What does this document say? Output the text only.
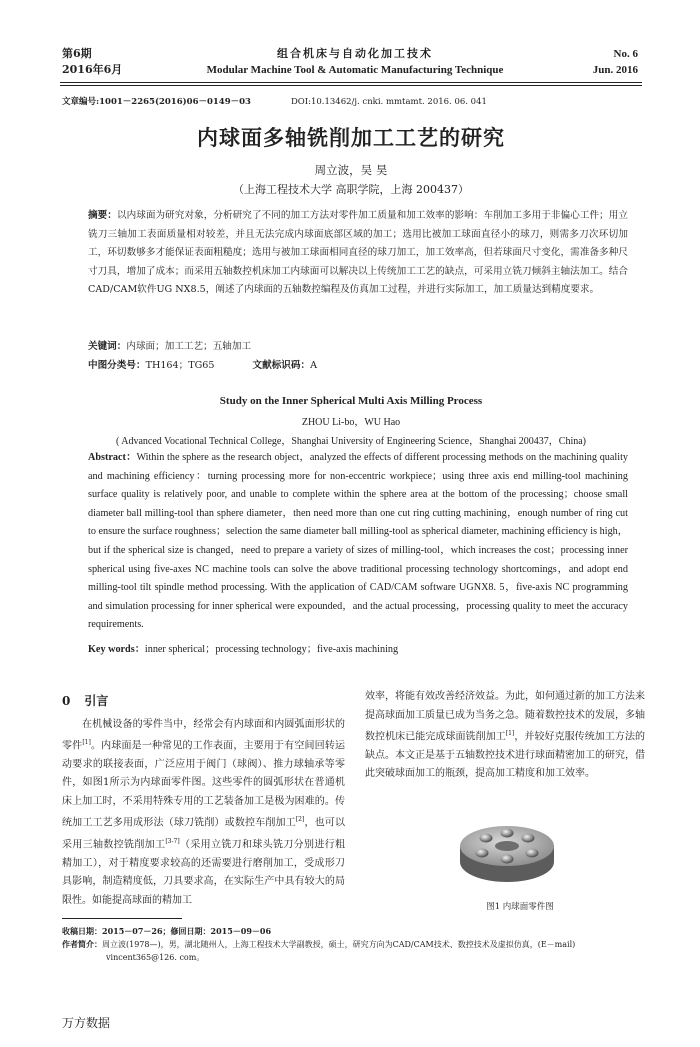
第6期
2016年6月
组合机床与自动化加工技术
Modular Machine Tool & Automatic Manufacturing Technique
No. 6
Jun. 2016
文章编号:1001－2265(2016)06－0149－03	DOI:10.13462/j. cnki. mmtamt. 2016. 06. 041
内球面多轴铣削加工工艺的研究
周立波，吴 昊
（上海工程技术大学 高职学院，上海 200437）
摘要：以内球面为研究对象，分析研究了不同的加工方法对零件加工质量和加工效率的影响：车削加工多用于非偏心工件；用立铣刀三轴加工表面质量相对较差，并且无法完成内球面底部区域的加工；选用比被加工球面直径小的球刀，则需多刀次环切加工，环切数够多才能保证表面粗糙度；选用与被加工球面相同直径的球刀加工，加工效率高，但若球面尺寸变化，需准备多种尺寸刀具，增加了成本；而采用五轴数控机床加工内球面可以解决以上传统加工工艺的缺点，可采用立铣刀倾斜主轴法加工。结合CAD/CAM软件UG NX8.5，阐述了内球面的五轴数控编程及仿真加工过程，并进行实际加工，加工质量达到精度要求。
关键词：内球面；加工工艺；五轴加工
中图分类号：TH164；TG65	文献标识码：A
Study on the Inner Spherical Multi Axis Milling Process
ZHOU Li-bo，WU Hao
( Advanced Vocational Technical College，Shanghai University of Engineering Science，Shanghai 200437，China)
Abstract：Within the sphere as the research object，analyzed the effects of different processing methods on the machining quality and machining efficiency：turning processing more for non-eccentric workpiece；using three axis end milling-tool machining surface quality is relatively poor, and unable to complete within the sphere area at the bottom of the processing；choose small diameter ball milling-tool than sphere diameter，then need more than one cut ring cutting machining，enough number of ring cut to ensure the surface roughness；selection the same diameter ball milling-tool as spherical diameter, machining efficiency is high，but if the spherical size is changed，need to prepare a variety of sizes of milling-tool，which increases the cost；processing inner spherical using five-axes NC machine tools can solve the above traditional processing technology shortcomings，and adopt end milling-tool tilt spindle method processing. With the application of CAD/CAM software UGNX8. 5，five-axis NC programming and simulation processing for inner spherical were expounded，and the actual processing，processing quality to meet the accuracy requirements.
Key words：inner spherical；processing technology；five-axis machining
0 引言

在机械设备的零件当中，经常会有内球面和内圆弧面形状的零件[1]。内球面是一种常见的工作表面，主要用于有空间回转运动要求的联接表面，广泛应用于阀门（球阀）、推力球轴承等零件，如图1所示为内球面零件图。这些零件的圆弧形状在普通机床上加工时，不采用特殊专用的工艺装备加工是极为困难的。传统加工工艺多用成形法（球刀铣削）或数控车削加工[2]，也可以采用三轴数控铣削加工[3-7]（采用立铣刀和球头铣刀分别进行粗精加工），对于精度要求较高的还需要进行磨削加工，受成形刀具影响，制造精度低，刀具要求高，在实际生产中具有较大的局限性。如能提高球面的精加工

效率，将能有效改善经济效益。为此，如何通过新的加工方法来提高球面加工质量已成为当务之急。随着数控技术的发展，多轴数控机床已能完成球面铣削加工[1]，并较好克服传统加工方法的缺点。本文正是基于五轴数控技术进行球面精密加工的研究，借此突破球面加工的瓶颈，提高加工精度和加工效率。

图1 内球面零件图
收稿日期：2015－07－26；修回日期：2015－09－06
作者简介：周立波(1978—)，男，湖北随州人，上海工程技术大学副教授，硕士，研究方向为CAD/CAM技术、数控技术及虚拟仿真，(E－mail) vincent365@126. com。
万方数据
